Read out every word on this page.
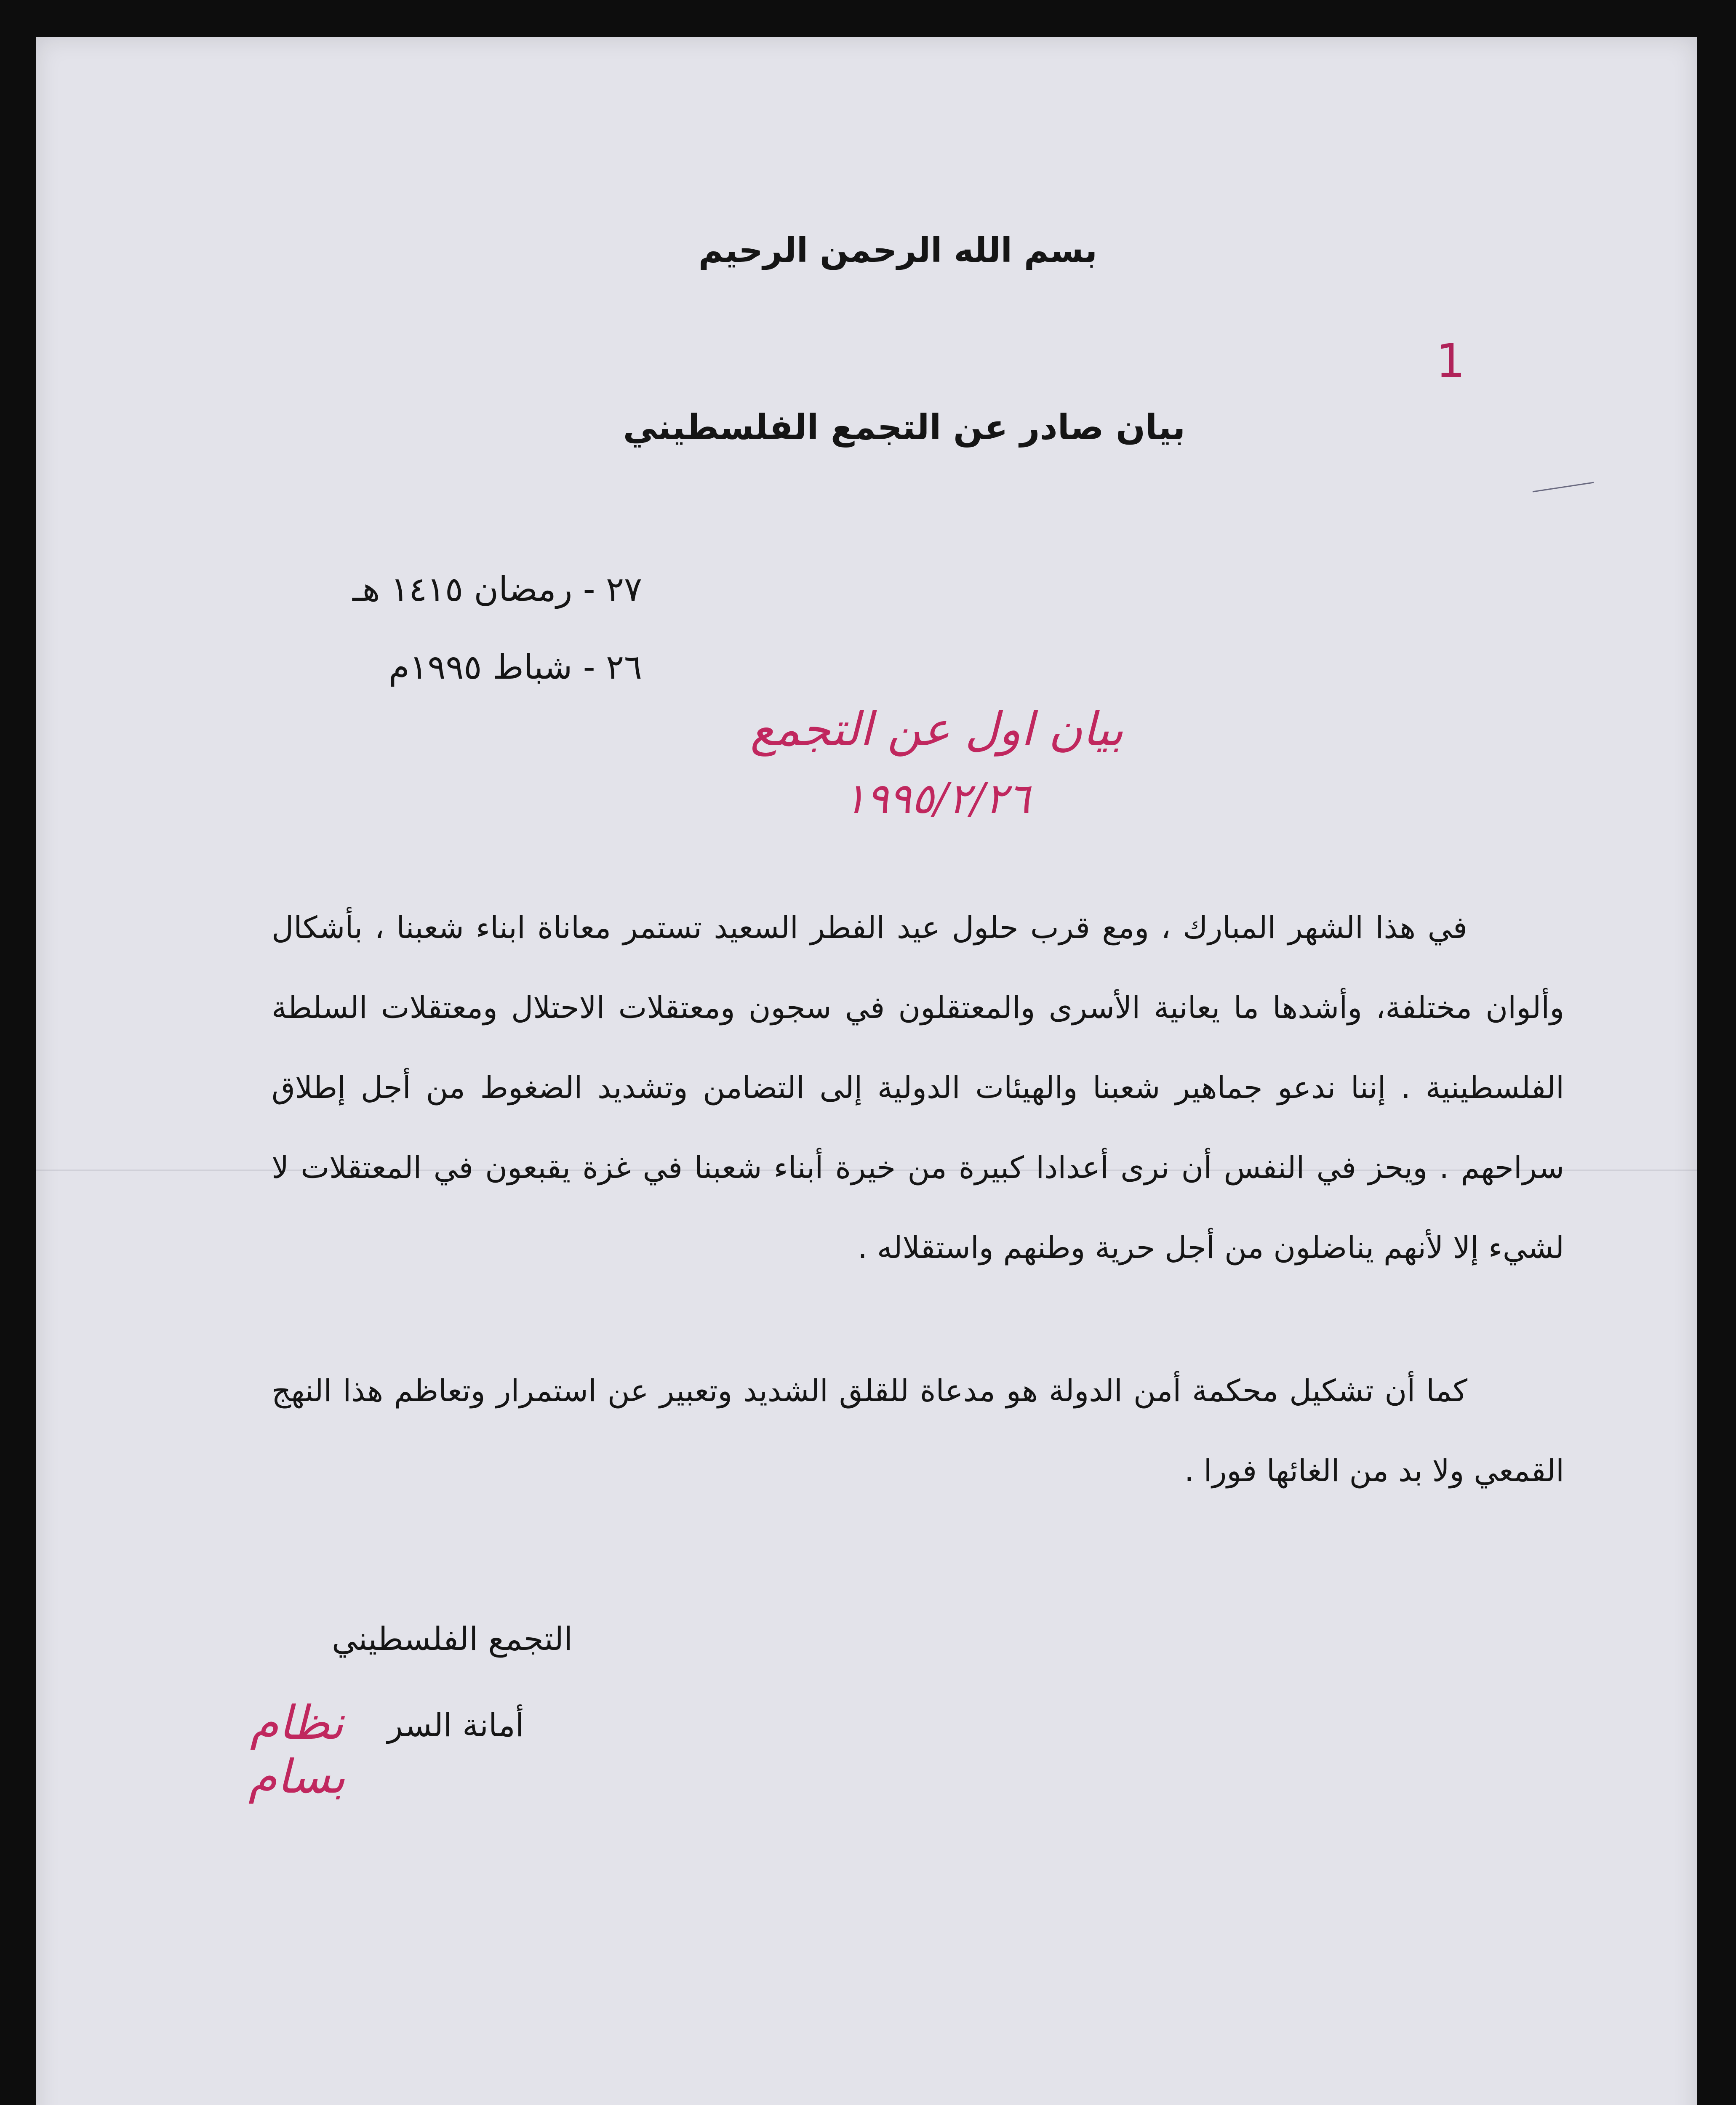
بسم الله الرحمن الرحيم
1
بيان صادر عن التجمع الفلسطيني
٢٧ - رمضان ١٤١٥ هـ
٢٦ - شباط ١٩٩٥م
بيان اول عن التجمع
١٩٩٥/٢/٢٦

في هذا الشهر المبارك ، ومع قرب حلول عيد الفطر السعيد تستمر معاناة ابناء شعبنا ، بأشكال وألوان مختلفة، وأشدها ما يعانية الأسرى والمعتقلون في سجون ومعتقلات الاحتلال ومعتقلات السلطة الفلسطينية . إننا ندعو جماهير شعبنا والهيئات الدولية إلى التضامن وتشديد الضغوط من أجل إطلاق سراحهم . ويحز في النفس أن نرى أعدادا كبيرة من خيرة أبناء شعبنا في غزة يقبعون في المعتقلات لا لشيء إلا لأنهم يناضلون من أجل حرية وطنهم واستقلاله .

كما أن تشكيل محكمة أمن الدولة هو مدعاة للقلق الشديد وتعبير عن استمرار وتعاظم هذا النهج القمعي ولا بد من الغائها فورا .

التجمع الفلسطيني
أمانة السر
نظام بسام
